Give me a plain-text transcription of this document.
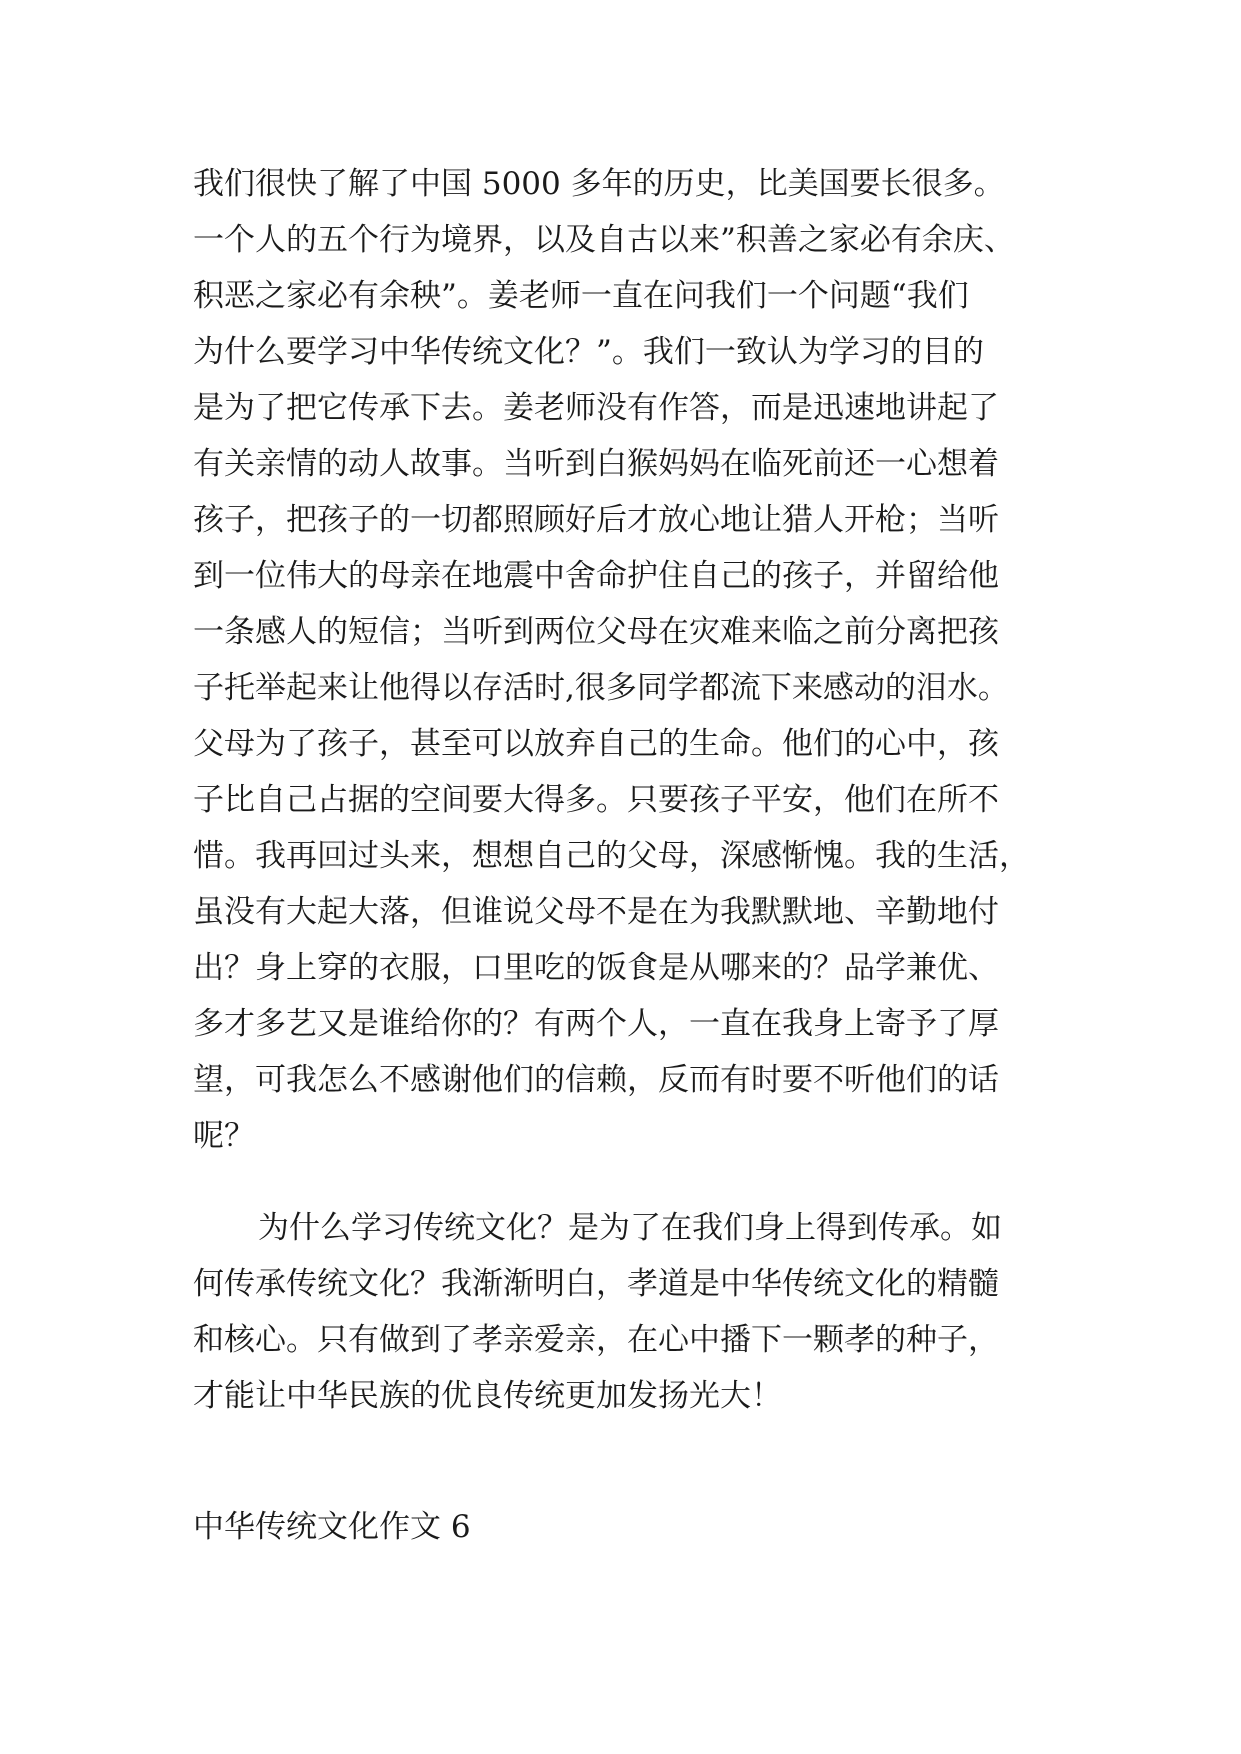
我们很快了解了中国 5000 多年的历史，比美国要长很多。

一个人的五个行为境界，以及自古以来”积善之家必有余庆、

积恶之家必有余秧”。姜老师一直在问我们一个问题“我们

为什么要学习中华传统文化？”。我们一致认为学习的目的

是为了把它传承下去。姜老师没有作答，而是迅速地讲起了

有关亲情的动人故事。当听到白猴妈妈在临死前还一心想着

孩子，把孩子的一切都照顾好后才放心地让猎人开枪；当听

到一位伟大的母亲在地震中舍命护住自己的孩子，并留给他

一条感人的短信；当听到两位父母在灾难来临之前分离把孩

子托举起来让他得以存活时,很多同学都流下来感动的泪水。

父母为了孩子，甚至可以放弃自己的生命。他们的心中，孩

子比自己占据的空间要大得多。只要孩子平安，他们在所不

惜。我再回过头来，想想自己的父母，深感惭愧。我的生活，

虽没有大起大落，但谁说父母不是在为我默默地、辛勤地付

出？身上穿的衣服，口里吃的饭食是从哪来的？品学兼优、

多才多艺又是谁给你的？有两个人，一直在我身上寄予了厚

望，可我怎么不感谢他们的信赖，反而有时要不听他们的话

呢？

为什么学习传统文化？是为了在我们身上得到传承。如

何传承传统文化？我渐渐明白，孝道是中华传统文化的精髓

和核心。只有做到了孝亲爱亲，在心中播下一颗孝的种子，

才能让中华民族的优良传统更加发扬光大！

中华传统文化作文 6
